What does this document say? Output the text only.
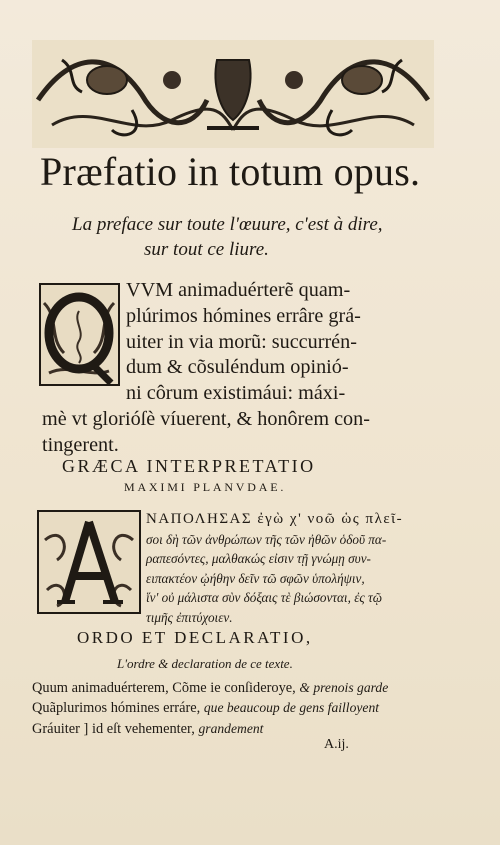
Præfatio in totum opus.
La preface sur toute l'œuure, c'est à dire,
sur tout ce liure.
VVM animaduérterẽ quam-
plúrimos hómines errâre grá-
uiter in via morũ: succurrén-
dum & cõsuléndum opinió-
ni côrum existimáui: máxi-
mè vt glorióſè víuerent, & honôrem con-
tingerent.
GRÆCA INTERPRETATIO
MAXIMI PLANVDAE.
ΝΑΠΟΛΗΣΑΣ ἐγὼ χ' νοῶ ὡς πλεῖ-
σοι δὴ τῶν ἀνθρώπων τῆς τῶν ἠθῶν ὁδοῦ πα-
ραπεσόντες, μαλθακώς εἰσιν τῇ γνώμῃ συν-
ειπακτέον ᾠήθην δεῖν τῶ σφῶν ὑπολήψιν,
ἵν' οὐ μάλιστα σὺν δόξαις τὲ βιώσονται, ἐς τῷ
τιμῆς ἐπιτύχοιεν.
ORDO ET DECLARATIO,
L'ordre & declaration de ce texte.
Quum animaduérterem, Cõme ie conſideroye, & prenois garde
Quãplurimos hómines erráre, que beaucoup de gens failloyent
Gráuiter ] id eſt vehementer, grandement
A.ij.
